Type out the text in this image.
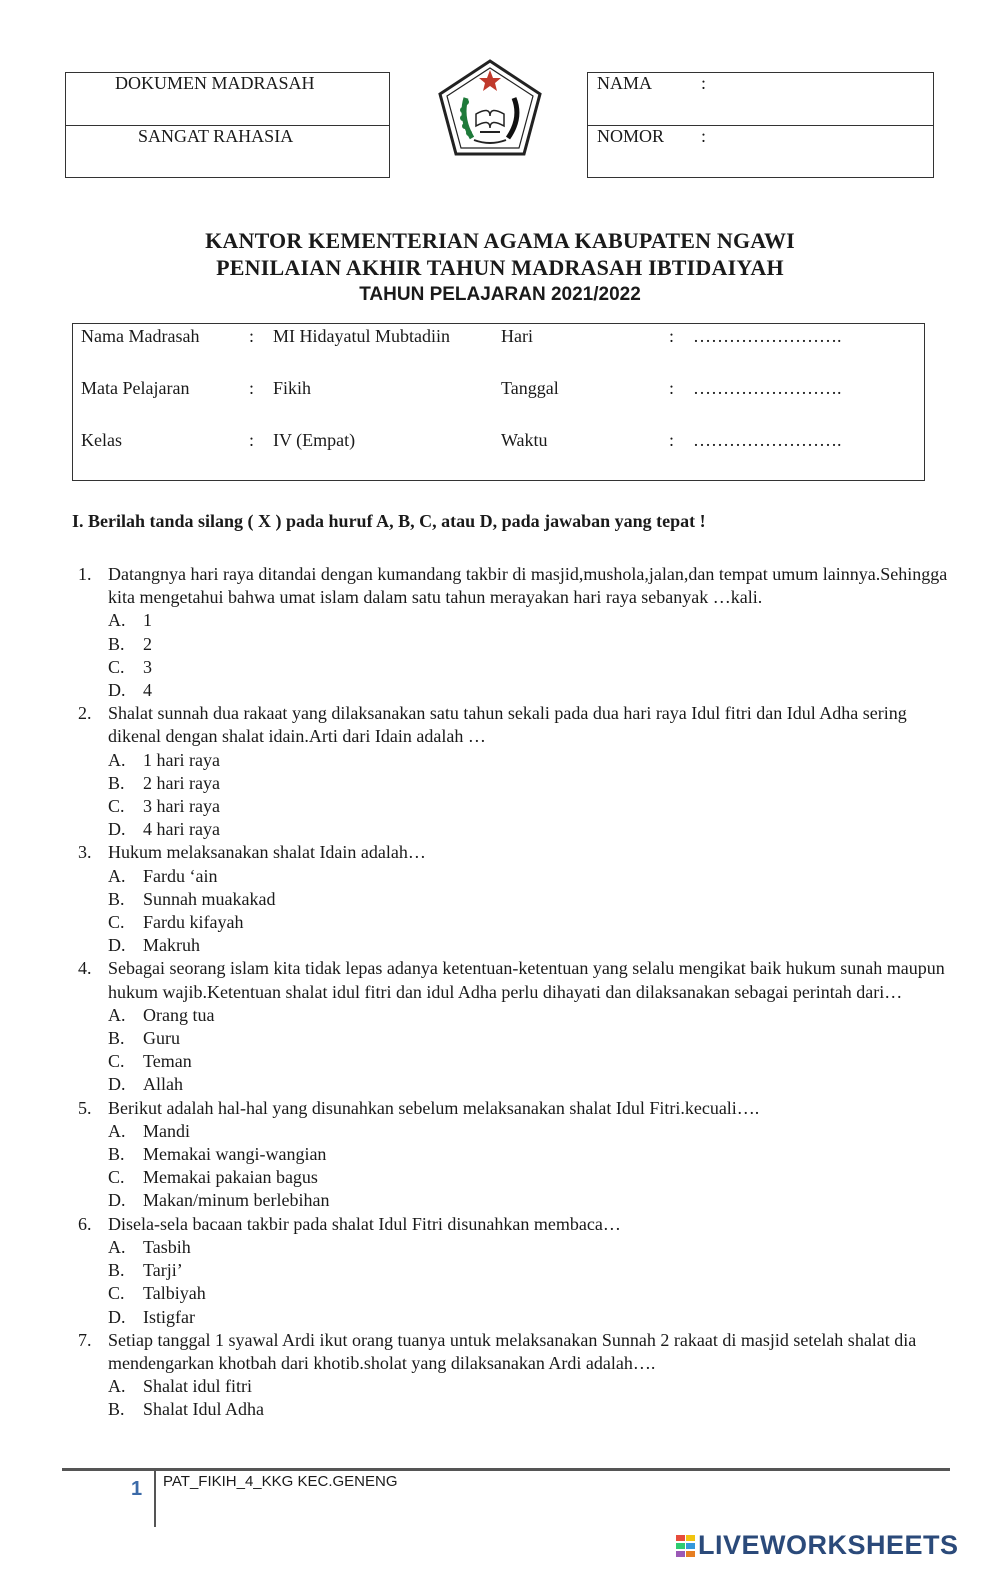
DOKUMEN MADRASAH
SANGAT RAHASIA
NAMA	:
NOMOR :
KANTOR KEMENTERIAN AGAMA KABUPATEN NGAWI
PENILAIAN AKHIR TAHUN MADRASAH IBTIDAIYAH
TAHUN PELAJARAN 2021/2022
Nama Madrasah	: MI Hidayatul Mubtadiin	Hari	: …………………….
Mata Pelajaran	: Fikih	Tanggal	: …………………….
Kelas	: IV (Empat)	Waktu	: …………………….
I. Berilah tanda silang ( X ) pada huruf A, B, C, atau D, pada jawaban yang tepat !
1. Datangnya hari raya ditandai dengan kumandang takbir di masjid,mushola,jalan,dan tempat umum lainnya.Sehingga kita mengetahui bahwa umat islam dalam satu tahun merayakan hari raya sebanyak …kali.
A. 1
B. 2
C. 3
D. 4
2. Shalat sunnah dua rakaat yang dilaksanakan satu tahun sekali pada dua hari raya Idul fitri dan Idul Adha sering dikenal dengan shalat idain.Arti dari Idain adalah …
A. 1 hari raya
B. 2 hari raya
C. 3 hari raya
D. 4 hari raya
3. Hukum melaksanakan shalat Idain adalah…
A. Fardu ‘ain
B. Sunnah muakakad
C. Fardu kifayah
D. Makruh
4. Sebagai seorang islam kita tidak lepas adanya ketentuan-ketentuan yang selalu mengikat baik hukum sunah maupun hukum wajib.Ketentuan shalat idul fitri dan idul Adha perlu dihayati dan dilaksanakan sebagai perintah dari…
A. Orang tua
B. Guru
C. Teman
D. Allah
5. Berikut adalah hal-hal yang disunahkan sebelum melaksanakan shalat Idul Fitri.kecuali….
A. Mandi
B. Memakai wangi-wangian
C. Memakai pakaian bagus
D. Makan/minum berlebihan
6. Disela-sela bacaan takbir pada shalat Idul Fitri disunahkan membaca…
A. Tasbih
B. Tarji’
C. Talbiyah
D. Istigfar
7. Setiap tanggal 1 syawal Ardi ikut orang tuanya untuk melaksanakan Sunnah 2 rakaat di masjid setelah shalat dia mendengarkan khotbah dari khotib.sholat yang dilaksanakan Ardi adalah….
A. Shalat idul fitri
B. Shalat Idul Adha
1 PAT_FIKIH_4_KKG KEC.GENENG
LIVEWORKSHEETS
